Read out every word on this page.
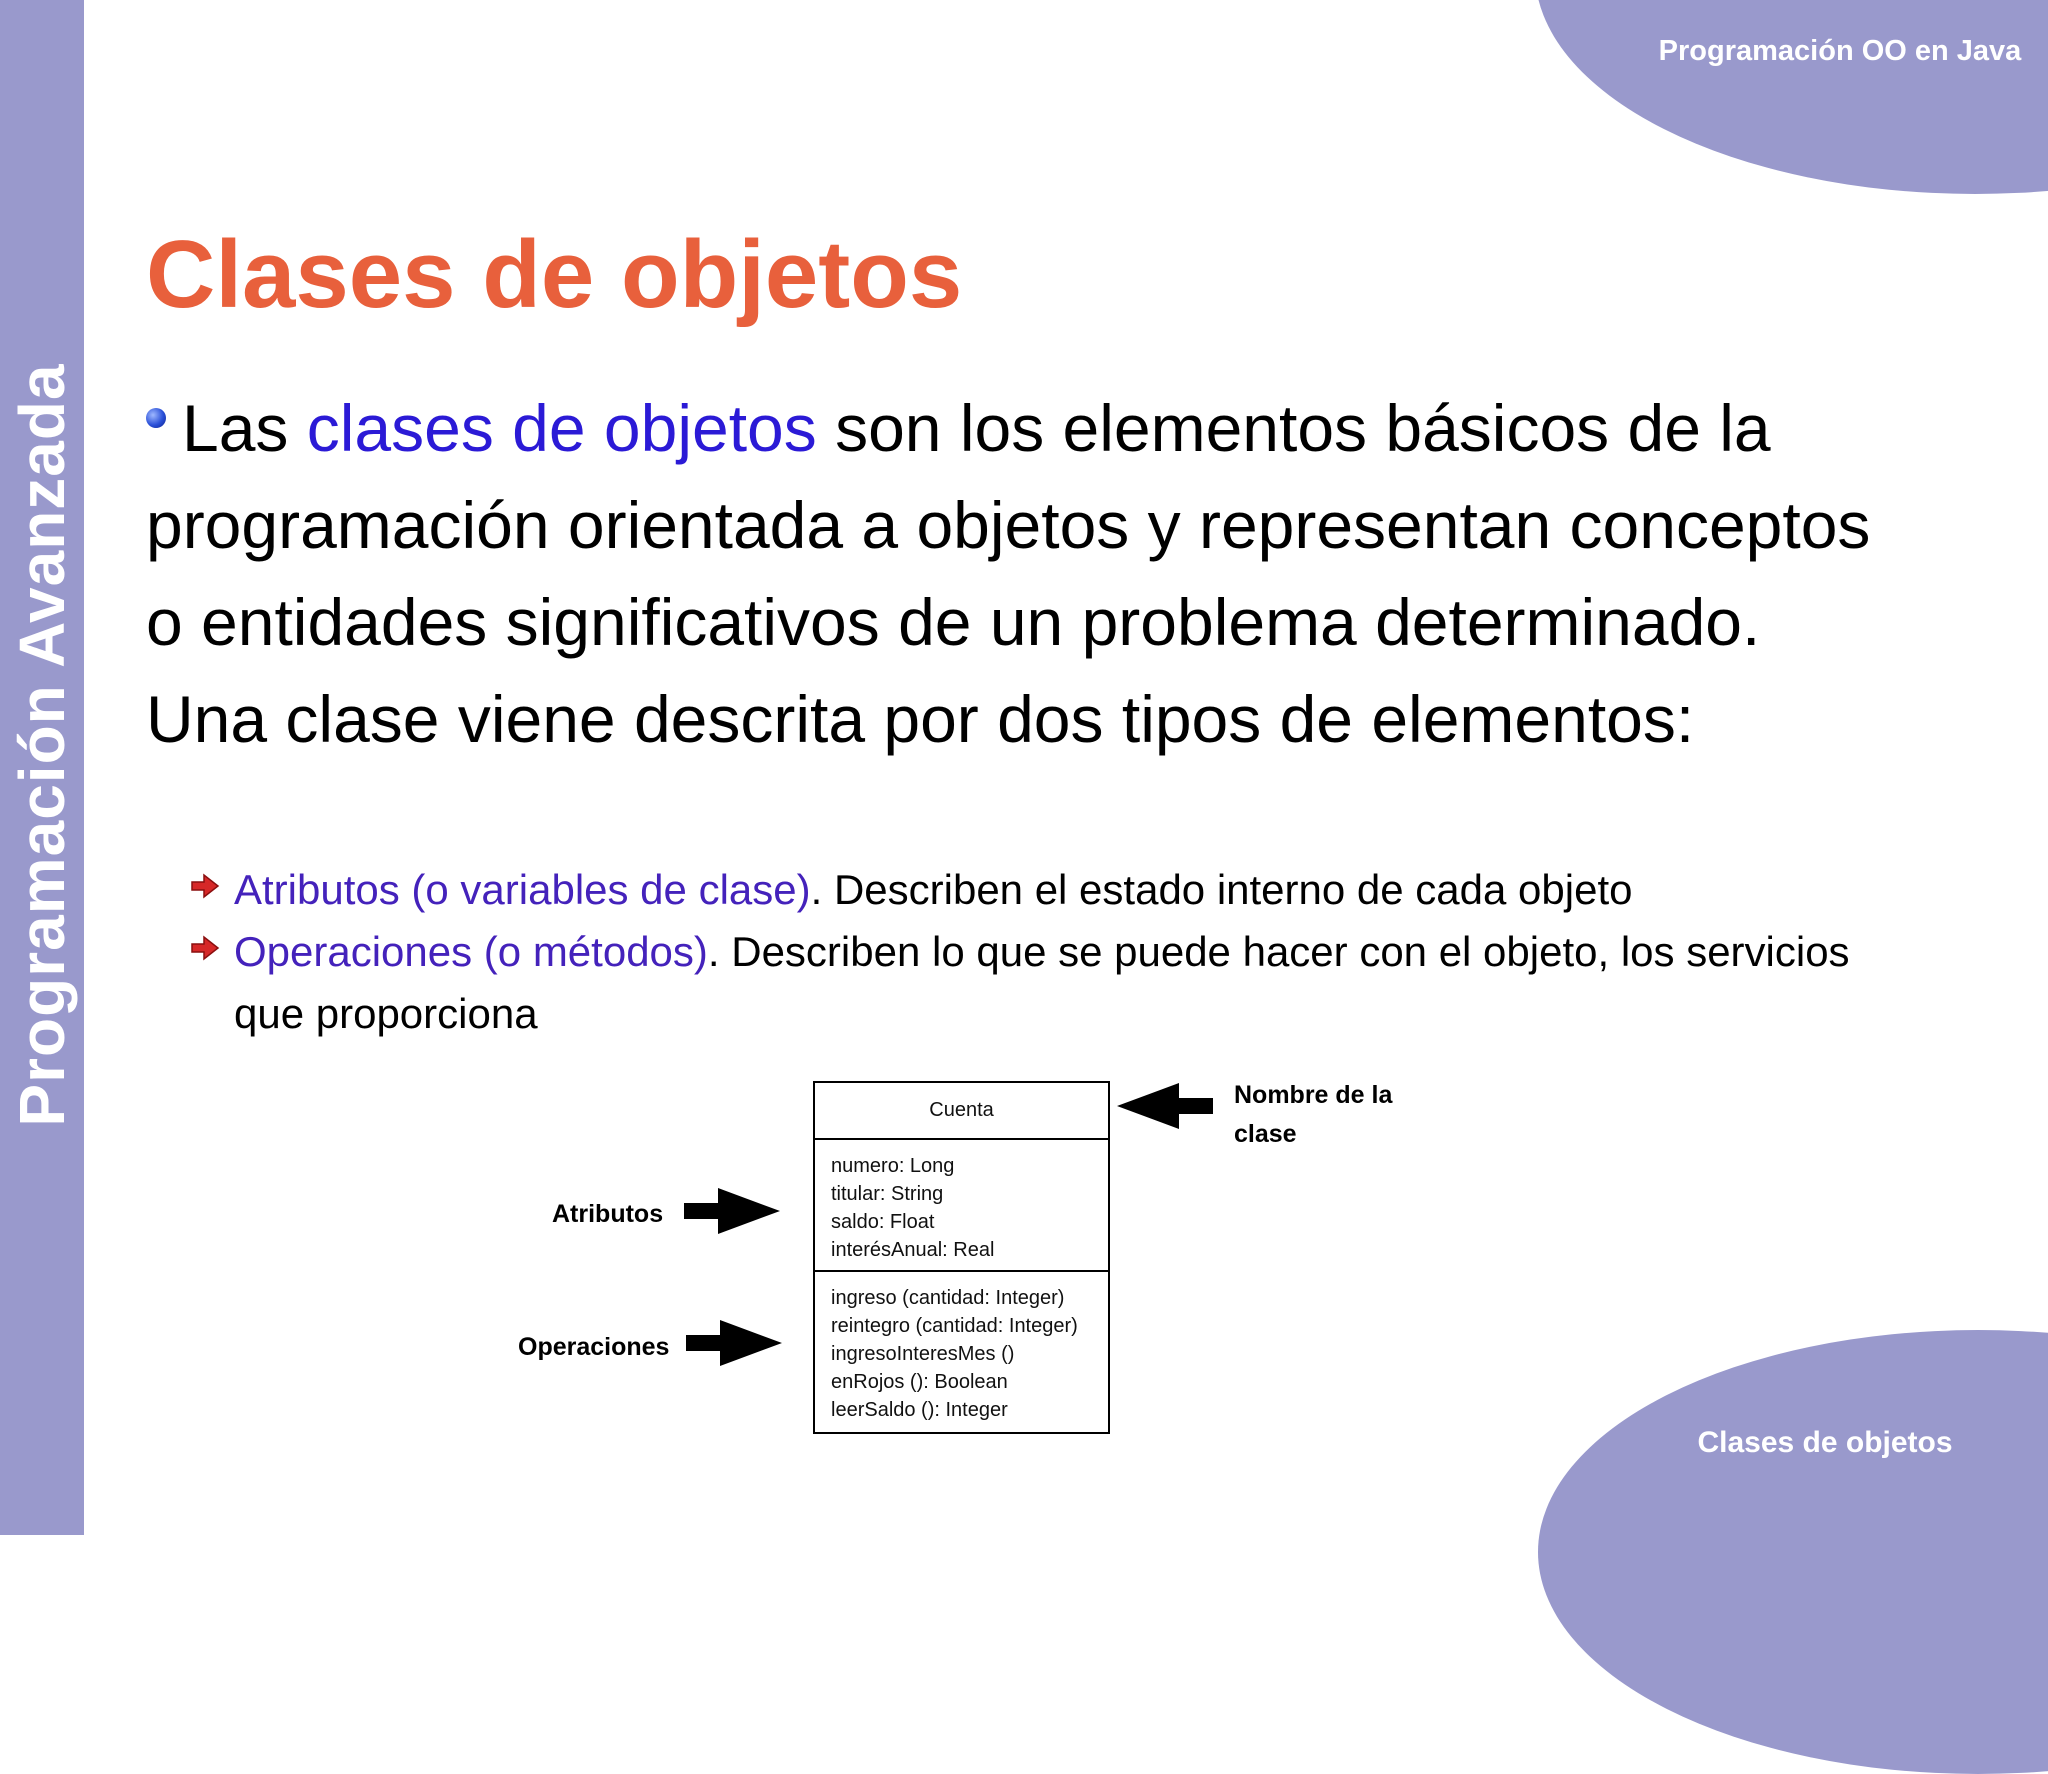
Programación Avanzada
Programación OO en Java
Clases de objetos
Clases de objetos
Las clases de objetos son los elementos básicos de la programación orientada a objetos y representan conceptos o entidades significativos de un problema determinado. Una clase viene descrita por dos tipos de elementos:
Atributos (o variables de clase). Describen el estado interno de cada objeto
Operaciones (o métodos). Describen lo que se puede hacer con el objeto, los servicios que proporciona
Cuenta
numero: Long
titular: String
saldo: Float
interésAnual: Real
ingreso (cantidad: Integer)
reintegro (cantidad: Integer)
ingresoInteresMes ()
enRojos (): Boolean
leerSaldo (): Integer
Nombre de la clase
Atributos
Operaciones
